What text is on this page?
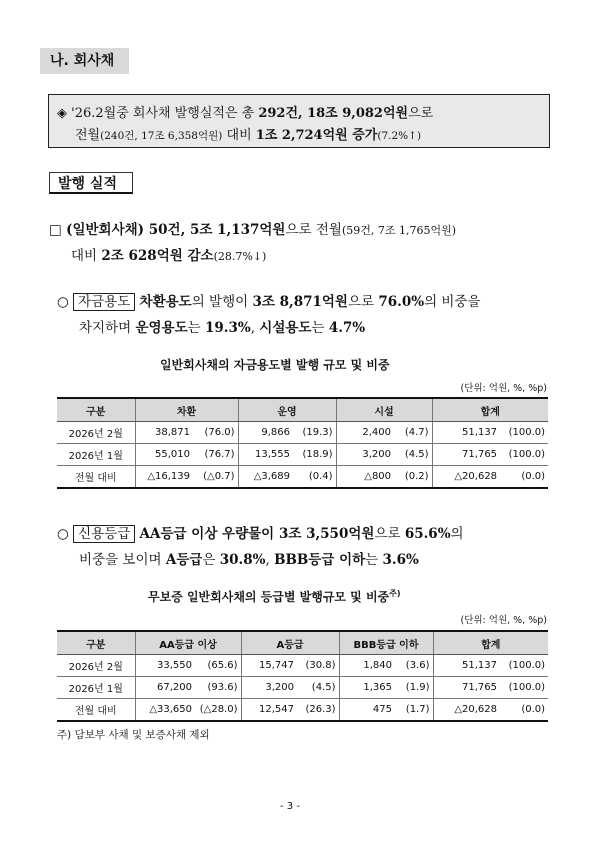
나. 회사채
◈ '26.2월중 회사채 발행실적은 총 292건, 18조 9,082억원으로
전월(240건, 17조 6,358억원) 대비 1조 2,724억원 증가(7.2%↑)
발행 실적
□ (일반회사채) 50건, 5조 1,137억원으로 전월(59건, 7조 1,765억원)
대비 2조 628억원 감소(28.7%↓)
○ 자금용도 차환용도의 발행이 3조 8,871억원으로 76.0%의 비중을
차지하며 운영용도는 19.3%, 시설용도는 4.7%
일반회사채의 자금용도별 발행 규모 및 비중
(단위: 억원, %, %p)
구분	차환		운영		시설		합계	
2026년 2월	38,871	(76.0)	9,866	(19.3)	2,400	(4.7)	51,137	(100.0)
2026년 1월	55,010	(76.7)	13,555	(18.9)	3,200	(4.5)	71,765	(100.0)
전월 대비	△16,139	(△0.7)	△3,689	(0.4)	△800	(0.2)	△20,628	(0.0)
○ 신용등급 AA등급 이상 우량물이 3조 3,550억원으로 65.6%의
비중을 보이며 A등급은 30.8%, BBB등급 이하는 3.6%
무보증 일반회사채의 등급별 발행규모 및 비중$^{주)}$
(단위: 억원, %, %p)
구분	AA등급 이상		A등급		BBB등급 이하		합계	
2026년 2월	33,550	(65.6)	15,747	(30.8)	1,840	(3.6)	51,137	(100.0)
2026년 1월	67,200	(93.6)	3,200	(4.5)	1,365	(1.9)	71,765	(100.0)
전월 대비	△33,650	(△28.0)	12,547	(26.3)	475	(1.7)	△20,628	(0.0)
주) 담보부 사채 및 보증사채 제외
- 3 -
